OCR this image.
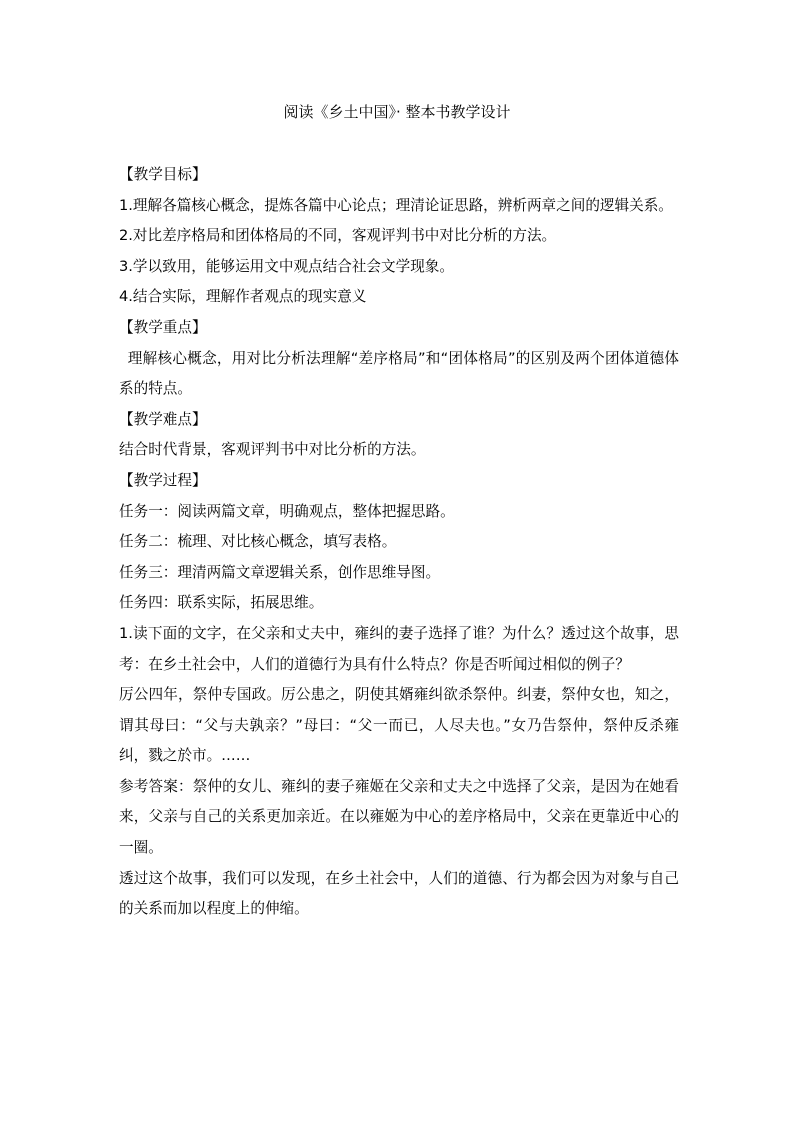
阅读《乡土中国》· 整本书教学设计

【教学目标】

1.理解各篇核心概念，提炼各篇中心论点；理清论证思路，辨析两章之间的逻辑关系。

2.对比差序格局和团体格局的不同，客观评判书中对比分析的方法。

3.学以致用，能够运用文中观点结合社会文学现象。

4.结合实际，理解作者观点的现实意义

【教学重点】

理解核心概念，用对比分析法理解“差序格局”和“团体格局”的区别及两个团体道德体系的特点。

【教学难点】

结合时代背景，客观评判书中对比分析的方法。

【教学过程】

任务一：阅读两篇文章，明确观点，整体把握思路。

任务二：梳理、对比核心概念，填写表格。

任务三：理清两篇文章逻辑关系，创作思维导图。

任务四：联系实际，拓展思维。

1.读下面的文字，在父亲和丈夫中，雍纠的妻子选择了谁？为什么？透过这个故事，思考：在乡土社会中，人们的道德行为具有什么特点？你是否听闻过相似的例子？

厉公四年，祭仲专国政。厉公患之，阴使其婿雍纠欲杀祭仲。纠妻，祭仲女也，知之，谓其母曰：“父与夫孰亲？”母曰：“父一而已，人尽夫也。”女乃告祭仲，祭仲反杀雍纠，戮之於市。……

参考答案：祭仲的女儿、雍纠的妻子雍姬在父亲和丈夫之中选择了父亲，是因为在她看来，父亲与自己的关系更加亲近。在以雍姬为中心的差序格局中，父亲在更靠近中心的一圈。

透过这个故事，我们可以发现，在乡土社会中，人们的道德、行为都会因为对象与自己的关系而加以程度上的伸缩。
